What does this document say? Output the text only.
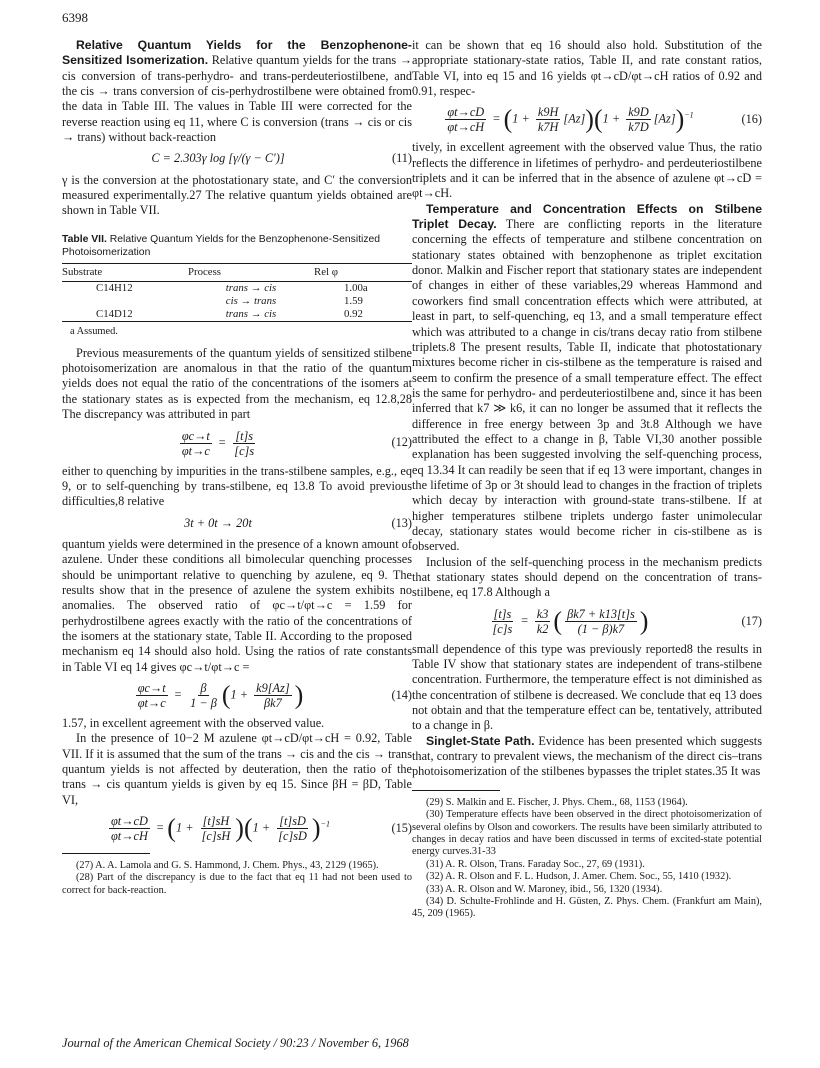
6398

Relative Quantum Yields for the Benzophenone-Sensitized Isomerization. Relative quantum yields for the trans → cis conversion of trans-perhydro- and trans-perdeuteriostilbene, and the cis → trans conversion of cis-perhydrostilbene were obtained from the data in Table III. The values in Table III were corrected for the reverse reaction using eq 11, where C is conversion (trans → cis or cis → trans) without back-reaction

C = 2.303γ log [γ/(γ − C′)]	(11)

γ is the conversion at the photostationary state, and C′ the conversion measured experimentally.27 The relative quantum yields obtained are shown in Table VII.

Table VII. Relative Quantum Yields for the Benzophenone-Sensitized Photoisomerization
Substrate	Process	Rel φ
C14H12	trans → cis	1.00a
	cis → trans	1.59
C14D12	trans → cis	0.92
a Assumed.

Previous measurements of the quantum yields of sensitized stilbene photoisomerization are anomalous in that the ratio of the quantum yields does not equal the ratio of the concentrations of the isomers at the stationary states as is expected from the mechanism, eq 12.8,28 The discrepancy was attributed in part

$\frac{\varphi c\to t}{\varphi t\to c} = \frac{[t]s}{[c]s}$	(12)

either to quenching by impurities in the trans-stilbene samples, e.g., eq 9, or to self-quenching by trans-stilbene, eq 13.8 To avoid previous difficulties,8 relative

3t + 0t → 20t	(13)

quantum yields were determined in the presence of a known amount of azulene. Under these conditions all bimolecular quenching processes should be unimportant relative to quenching by azulene, eq 9. The results show that in the presence of azulene the system exhibits no anomalies. The observed ratio of φc→t/φt→c = 1.59 for perhydrostilbene agrees exactly with the ratio of the concentrations of the isomers at the stationary state, Table II. According to the proposed mechanism eq 14 should also hold. Using the ratios of rate constants in Table VI eq 14 gives φc→t/φt→c =

$\frac{\varphi c\to t}{\varphi t\to c} = \frac{\beta}{1 - \beta} (1 + \frac{k9[Az]}{\beta k7}$ )	(14)

1.57, in excellent agreement with the observed value.

In the presence of 10−2 M azulene φt→cD/φt→cH = 0.92, Table VII. If it is assumed that the sum of the trans → cis and the cis → trans quantum yields is not affected by deuteration, then the ratio of the trans → cis quantum yields is given by eq 15. Since βH = βD, Table VI,

$\frac{\varphi t\to cD}{\varphi t\to cH} = (1 + \frac{[t]sH}{[c]sH} )(1 + \frac{[t]sD}{[c]sD} )^{-1}$	(15)

(27) A. A. Lamola and G. S. Hammond, J. Chem. Phys., 43, 2129 (1965).

(28) Part of the discrepancy is due to the fact that eq 11 had not been used to correct for back-reaction.

it can be shown that eq 16 should also hold. Substitution of the appropriate stationary-state ratios, Table II, and rate constant ratios, Table VI, into eq 15 and 16 yields φt→cD/φt→cH ratios of 0.92 and 0.91, respec-

$\frac{\varphi t\to cD}{\varphi t\to cH} = (1 + \frac{k9H}{k7H} [Az])(1 + \frac{k9D}{k7D} [Az])^{-1}$	(16)

tively, in excellent agreement with the observed value Thus, the ratio reflects the difference in lifetimes of perhydro- and perdeuteriostilbene triplets and it can be inferred that in the absence of azulene φt→cD = φt→cH.

Temperature and Concentration Effects on Stilbene Triplet Decay. There are conflicting reports in the literature concerning the effects of temperature and stilbene concentration on stationary states obtained with benzophenone as triplet excitation donor. Malkin and Fischer report that stationary states are independent of changes in either of these variables,29 whereas Hammond and coworkers find small concentration effects which were attributed, at least in part, to self-quenching, eq 13, and a small temperature effect which was attributed to a change in cis/trans decay ratio from stilbene triplets.8 The present results, Table II, indicate that photostationary mixtures become richer in cis-stilbene as the temperature is raised and seem to confirm the presence of a small temperature effect. The effect is the same for perhydro- and perdeuteriostilbene and, since it has been inferred that k7 ≫ k6, it can no longer be assumed that it reflects the difference in free energy between 3p and 3t.8 Although we have attributed the effect to a change in β, Table VI,30 another possible explanation has been suggested involving the self-quenching process, eq 13.34 It can readily be seen that if eq 13 were important, changes in the lifetime of 3p or 3t should lead to changes in the fraction of triplets which decay by interaction with ground-state trans-stilbene. If at higher temperatures stilbene triplets undergo faster unimolecular decay, stationary states would become richer in cis-stilbene as is observed.

Inclusion of the self-quenching process in the mechanism predicts that stationary states should depend on the concentration of trans-stilbene, eq 17.8 Although a

$\frac{[t]s}{[c]s} = \frac{k3}{k2}$ ( $\frac{\beta k7 + k13[t]s}{(1 - \beta)k7}$ )	(17)

small dependence of this type was previously reported8 the results in Table IV show that stationary states are independent of trans-stilbene concentration. Furthermore, the temperature effect is not diminished as the concentration of stilbene is decreased. We conclude that eq 13 does not obtain and that the temperature effect can be, tentatively, attributed to a change in β.

Singlet-State Path. Evidence has been presented which suggests that, contrary to prevalent views, the mechanism of the direct cis–trans photoisomerization of the stilbenes bypasses the triplet states.35 It was

(29) S. Malkin and E. Fischer, J. Phys. Chem., 68, 1153 (1964).

(30) Temperature effects have been observed in the direct photoisomerization of several olefins by Olson and coworkers. The results have been similarly attributed to changes in decay ratios and have been discussed in terms of excited-state potential energy curves.31-33

(31) A. R. Olson, Trans. Faraday Soc., 27, 69 (1931).

(32) A. R. Olson and F. L. Hudson, J. Amer. Chem. Soc., 55, 1410 (1932).

(33) A. R. Olson and W. Maroney, ibid., 56, 1320 (1934).

(34) D. Schulte-Frohlinde and H. Güsten, Z. Phys. Chem. (Frankfurt am Main), 45, 209 (1965).

Journal of the American Chemical Society / 90:23 / November 6, 1968
